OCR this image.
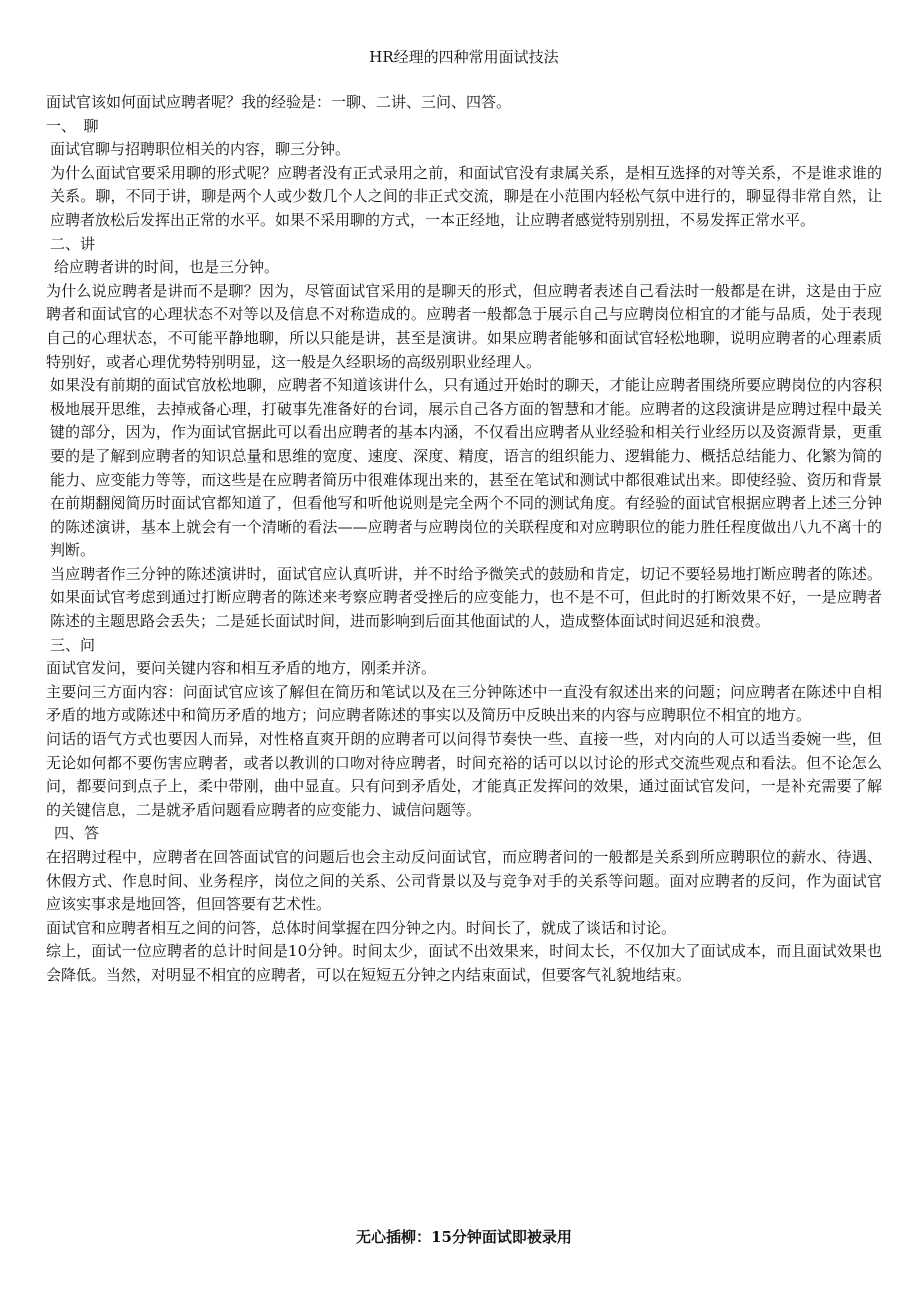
HR经理的四种常用面试技法

面试官该如何面试应聘者呢？我的经验是：一聊、二讲、三问、四答。

一、　聊

面试官聊与招聘职位相关的内容，聊三分钟。

为什么面试官要采用聊的形式呢？应聘者没有正式录用之前，和面试官没有隶属关系，是相互选择的对等关系，不是谁求谁的关系。聊，不同于讲，聊是两个人或少数几个人之间的非正式交流，聊是在小范围内轻松气氛中进行的，聊显得非常自然，让应聘者放松后发挥出正常的水平。如果不采用聊的方式，一本正经地，让应聘者感觉特别别扭，不易发挥正常水平。

二、讲

给应聘者讲的时间，也是三分钟。

为什么说应聘者是讲而不是聊？因为，尽管面试官采用的是聊天的形式，但应聘者表述自己看法时一般都是在讲，这是由于应聘者和面试官的心理状态不对等以及信息不对称造成的。应聘者一般都急于展示自己与应聘岗位相宜的才能与品质，处于表现自己的心理状态，不可能平静地聊，所以只能是讲，甚至是演讲。如果应聘者能够和面试官轻松地聊，说明应聘者的心理素质特别好，或者心理优势特别明显，这一般是久经职场的高级别职业经理人。

如果没有前期的面试官放松地聊，应聘者不知道该讲什么，只有通过开始时的聊天，才能让应聘者围绕所要应聘岗位的内容积极地展开思维，去掉戒备心理，打破事先准备好的台词，展示自己各方面的智慧和才能。应聘者的这段演讲是应聘过程中最关键的部分，因为，作为面试官据此可以看出应聘者的基本内涵，不仅看出应聘者从业经验和相关行业经历以及资源背景，更重要的是了解到应聘者的知识总量和思维的宽度、速度、深度、精度，语言的组织能力、逻辑能力、概括总结能力、化繁为简的能力、应变能力等等，而这些是在应聘者简历中很难体现出来的，甚至在笔试和测试中都很难试出来。即使经验、资历和背景在前期翻阅简历时面试官都知道了，但看他写和听他说则是完全两个不同的测试角度。有经验的面试官根据应聘者上述三分钟的陈述演讲，基本上就会有一个清晰的看法——应聘者与应聘岗位的关联程度和对应聘职位的能力胜任程度做出八九不离十的判断。

当应聘者作三分钟的陈述演讲时，面试官应认真听讲，并不时给予微笑式的鼓励和肯定，切记不要轻易地打断应聘者的陈述。如果面试官考虑到通过打断应聘者的陈述来考察应聘者受挫后的应变能力，也不是不可，但此时的打断效果不好，一是应聘者陈述的主题思路会丢失；二是延长面试时间，进而影响到后面其他面试的人，造成整体面试时间迟延和浪费。

三、问

面试官发问，要问关键内容和相互矛盾的地方，刚柔并济。

主要问三方面内容：问面试官应该了解但在简历和笔试以及在三分钟陈述中一直没有叙述出来的问题；问应聘者在陈述中自相矛盾的地方或陈述中和简历矛盾的地方；问应聘者陈述的事实以及简历中反映出来的内容与应聘职位不相宜的地方。

问话的语气方式也要因人而异，对性格直爽开朗的应聘者可以问得节奏快一些、直接一些，对内向的人可以适当委婉一些，但无论如何都不要伤害应聘者，或者以教训的口吻对待应聘者，时间充裕的话可以以讨论的形式交流些观点和看法。但不论怎么问，都要问到点子上，柔中带刚，曲中显直。只有问到矛盾处，才能真正发挥问的效果，通过面试官发问，一是补充需要了解的关键信息，二是就矛盾问题看应聘者的应变能力、诚信问题等。

四、答

在招聘过程中，应聘者在回答面试官的问题后也会主动反问面试官，而应聘者问的一般都是关系到所应聘职位的薪水、待遇、休假方式、作息时间、业务程序，岗位之间的关系、公司背景以及与竞争对手的关系等问题。面对应聘者的反问，作为面试官应该实事求是地回答，但回答要有艺术性。

面试官和应聘者相互之间的问答，总体时间掌握在四分钟之内。时间长了，就成了谈话和讨论。

综上，面试一位应聘者的总计时间是10分钟。时间太少，面试不出效果来，时间太长，不仅加大了面试成本，而且面试效果也会降低。当然，对明显不相宜的应聘者，可以在短短五分钟之内结束面试，但要客气礼貌地结束。

无心插柳：15分钟面试即被录用
